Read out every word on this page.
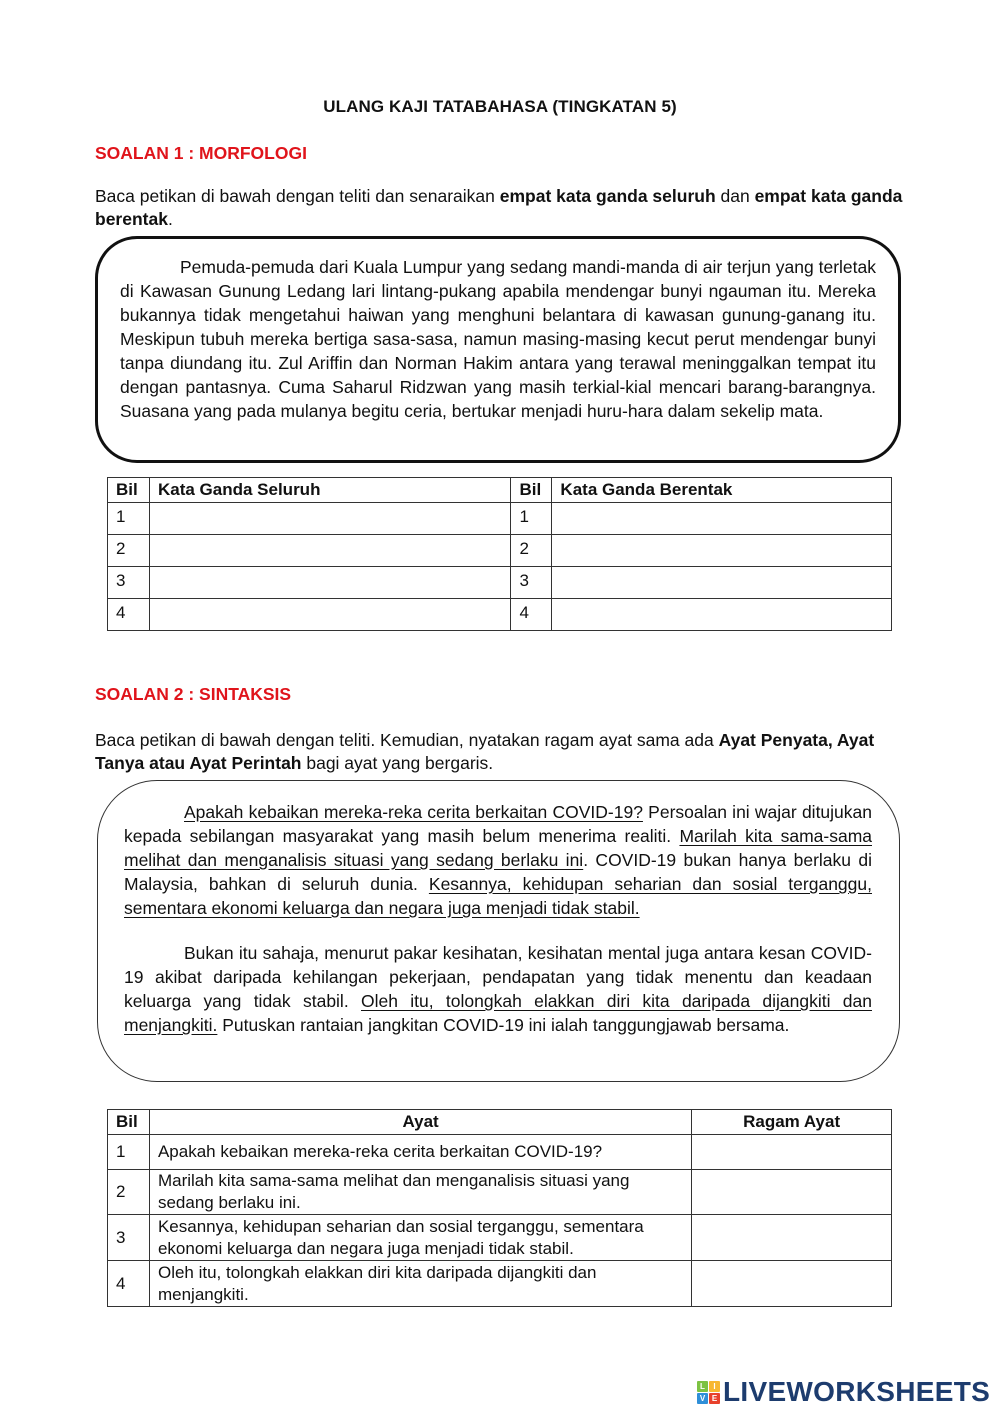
ULANG KAJI TATABAHASA (TINGKATAN 5)
SOALAN 1 : MORFOLOGI
Baca petikan di bawah dengan teliti dan senaraikan empat kata ganda seluruh dan empat kata ganda berentak.

Pemuda-pemuda dari Kuala Lumpur yang sedang mandi-manda di air terjun yang terletak di Kawasan Gunung Ledang lari lintang-pukang apabila mendengar bunyi ngauman itu. Mereka bukannya tidak mengetahui haiwan yang menghuni belantara di kawasan gunung-ganang itu. Meskipun tubuh mereka bertiga sasa-sasa, namun masing-masing kecut perut mendengar bunyi tanpa diundang itu. Zul Ariffin dan Norman Hakim antara yang terawal meninggalkan tempat itu dengan pantasnya. Cuma Saharul Ridzwan yang masih terkial-kial mencari barang-barangnya. Suasana yang pada mulanya begitu ceria, bertukar menjadi huru-hara dalam sekelip mata.

Bil	Kata Ganda Seluruh	Bil	Kata Ganda Berentak
1		1	
2		2	
3		3	
4		4	
SOALAN 2 : SINTAKSIS
Baca petikan di bawah dengan teliti. Kemudian, nyatakan ragam ayat sama ada Ayat Penyata, Ayat Tanya atau Ayat Perintah bagi ayat yang bergaris.

Apakah kebaikan mereka-reka cerita berkaitan COVID-19? Persoalan ini wajar ditujukan kepada sebilangan masyarakat yang masih belum menerima realiti. Marilah kita sama-sama melihat dan menganalisis situasi yang sedang berlaku ini. COVID-19 bukan hanya berlaku di Malaysia, bahkan di seluruh dunia. Kesannya, kehidupan seharian dan sosial terganggu, sementara ekonomi keluarga dan negara juga menjadi tidak stabil.

Bukan itu sahaja, menurut pakar kesihatan, kesihatan mental juga antara kesan COVID-19 akibat daripada kehilangan pekerjaan, pendapatan yang tidak menentu dan keadaan keluarga yang tidak stabil. Oleh itu, tolongkah elakkan diri kita daripada dijangkiti dan menjangkiti. Putuskan rantaian jangkitan COVID-19 ini ialah tanggungjawab bersama.

Bil	Ayat	Ragam Ayat
1	Apakah kebaikan mereka-reka cerita berkaitan COVID-19?	
2	Marilah kita sama-sama melihat dan menganalisis situasi yang sedang berlaku ini.	
3	Kesannya, kehidupan seharian dan sosial terganggu, sementara ekonomi keluarga dan negara juga menjadi tidak stabil.	
4	Oleh itu, tolongkah elakkan diri kita daripada dijangkiti dan menjangkiti.	
L	I
V E LIVEWORKSHEETS
